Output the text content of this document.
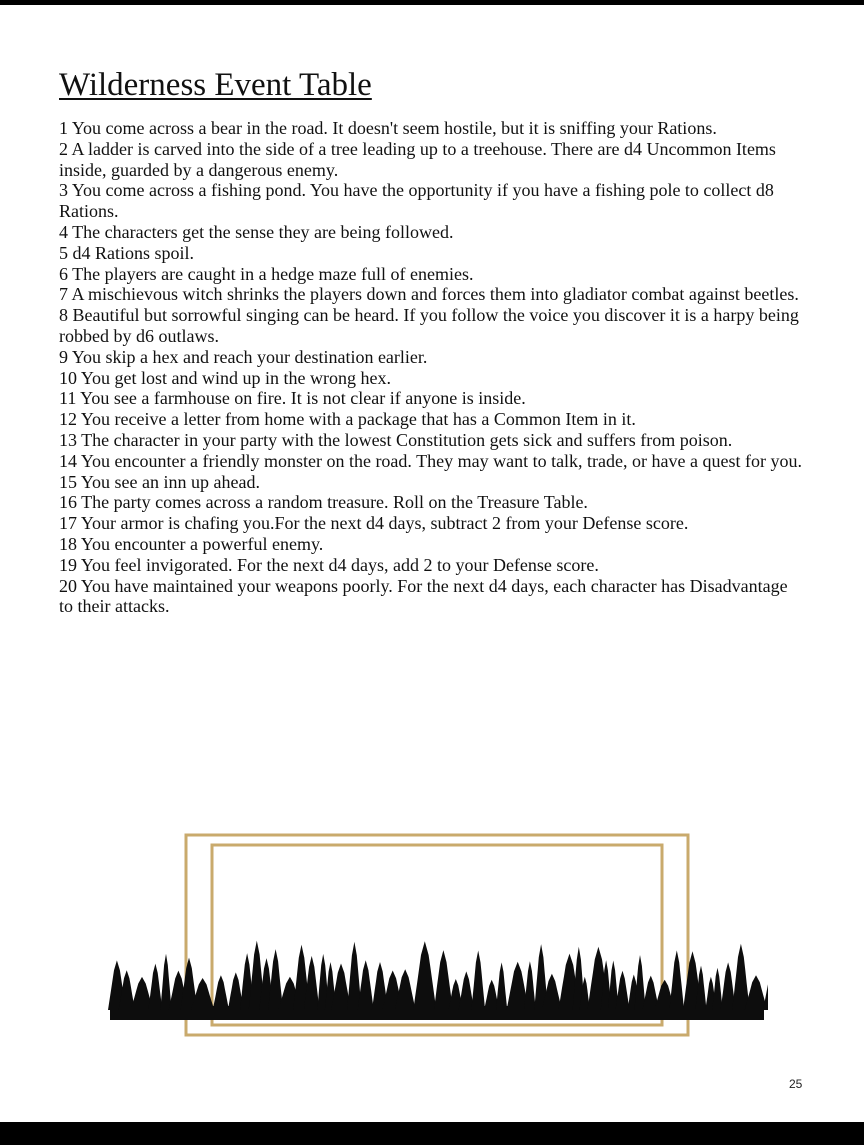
Wilderness Event Table
1 You come across a bear in the road. It doesn't seem hostile, but it is sniffing your Rations.
2 A ladder is carved into the side of a tree leading up to a treehouse. There are d4 Uncommon Items inside, guarded by a dangerous enemy.
3 You come across a fishing pond. You have the opportunity if you have a fishing pole to collect d8 Rations.
4 The characters get the sense they are being followed.
5 d4 Rations spoil.
6 The players are caught in a hedge maze full of enemies.
7 A mischievous witch shrinks the players down and forces them into gladiator combat against beetles.
8 Beautiful but sorrowful singing can be heard. If you follow the voice you discover it is a harpy being robbed by d6 outlaws.
9 You skip a hex and reach your destination earlier.
10 You get lost and wind up in the wrong hex.
11 You see a farmhouse on fire. It is not clear if anyone is inside.
12 You receive a letter from home with a package that has a Common Item in it.
13 The character in your party with the lowest Constitution gets sick and suffers from poison.
14 You encounter a friendly monster on the road. They may want to talk, trade, or have a quest for you.
15 You see an inn up ahead.
16 The party comes across a random treasure. Roll on the Treasure Table.
17 Your armor is chafing you.For the next d4 days, subtract 2 from your Defense score.
18 You encounter a powerful enemy.
19 You feel invigorated. For the next d4 days, add 2 to your Defense score.
20 You have maintained your weapons poorly. For the next d4 days, each character has Disadvantage to their attacks.
25
